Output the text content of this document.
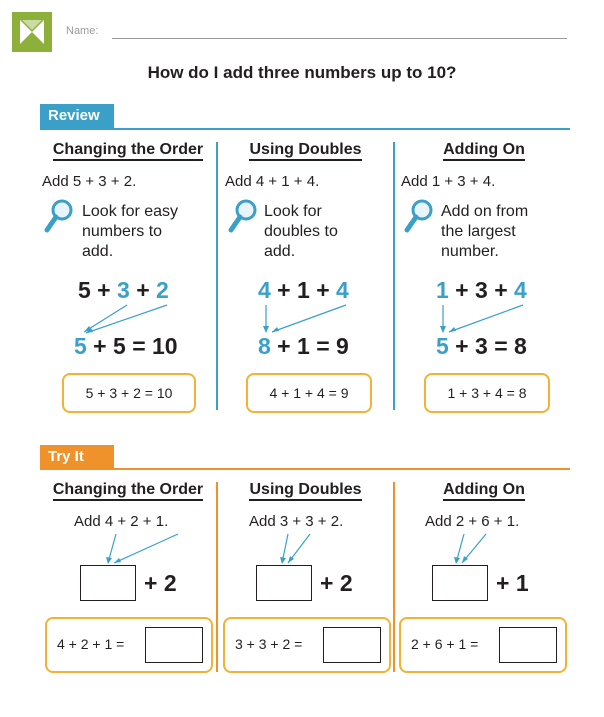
Name:
How do I add three numbers up to 10?
Review
Changing the Order
Add 5 + 3 + 2.
Look for easy
numbers to
add.
5 + 3 + 2
5 + 5 = 10
5 + 3 + 2 = 10
Using Doubles
Add 4 + 1 + 4.
Look for
doubles to
add.
4 + 1 + 4
8 + 1 = 9
4 + 1 + 4 = 9
Adding On
Add 1 + 3 + 4.
Add on from
the largest
number.
1 + 3 + 4
5 + 3 = 8
1 + 3 + 4 = 8
Try It
Changing the Order
Add 4 + 2 + 1.
+ 2
4 + 2 + 1 =
Using Doubles
Add 3 + 3 + 2.
+ 2
3 + 3 + 2 =
Adding On
Add 2 + 6 + 1.
+ 1
2 + 6 + 1 =
